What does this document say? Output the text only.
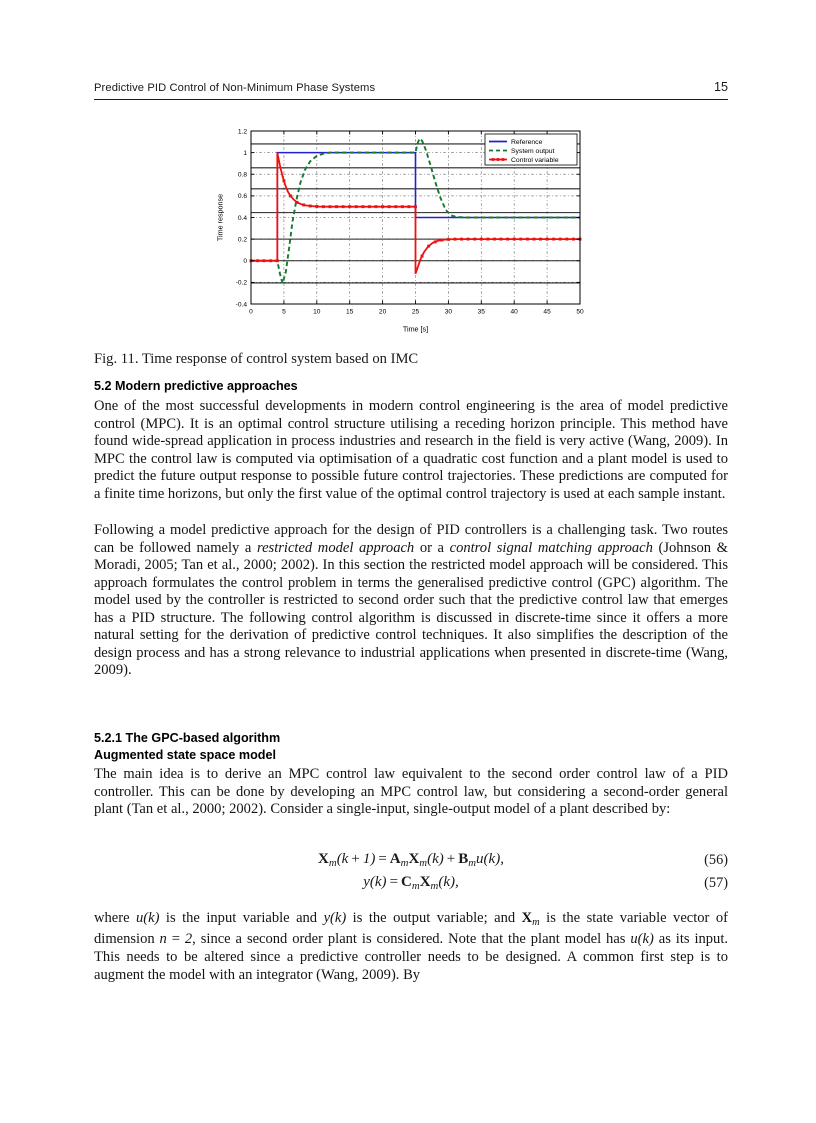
Predictive PID Control of Non-Minimum Phase Systems	15
0	5	10	15	20	25	30	35	40	45	50
1.2
1
0.8
0.6
0.4
0.2
0
-0.2
-0.4
Time [s]
Time response
Reference
System output
Control variable
Fig. 11. Time response of control system based on IMC
5.2 Modern predictive approaches
One of the most successful developments in modern control engineering is the area of model predictive control (MPC). It is an optimal control structure utilising a receding horizon principle. This method have found wide-spread application in process industries and research in the field is very active (Wang, 2009). In MPC the control law is computed via optimisation of a quadratic cost function and a plant model is used to predict the future output response to possible future control trajectories. These predictions are computed for a finite time horizons, but only the first value of the optimal control trajectory is used at each sample instant.
Following a model predictive approach for the design of PID controllers is a challenging task. Two routes can be followed namely a restricted model approach or a control signal matching approach (Johnson & Moradi, 2005; Tan et al., 2000; 2002). In this section the restricted model approach will be considered. This approach formulates the control problem in terms the generalised predictive control (GPC) algorithm. The model used by the controller is restricted to second order such that the predictive control law that emerges has a PID structure. The following control algorithm is discussed in discrete-time since it offers a more natural setting for the derivation of predictive control techniques. It also simplifies the description of the design process and has a strong relevance to industrial applications when presented in discrete-time (Wang, 2009).
5.2.1 The GPC-based algorithm
Augmented state space model
The main idea is to derive an MPC control law equivalent to the second order control law of a PID controller. This can be done by developing an MPC control law, but considering a second-order general plant (Tan et al., 2000; 2002). Consider a single-input, single-output model of a plant described by:
$X_m(k + 1) = A_mX_m(k) + B_mu(k)$,	(56)
$y(k) = C_mX_m(k)$,	(57)
where u(k) is the input variable and y(k) is the output variable; and $X_m$ is the state variable vector of dimension n = 2, since a second order plant is considered. Note that the plant model has u(k) as its input. This needs to be altered since a predictive controller needs to be designed. A common first step is to augment the model with an integrator (Wang, 2009). By
